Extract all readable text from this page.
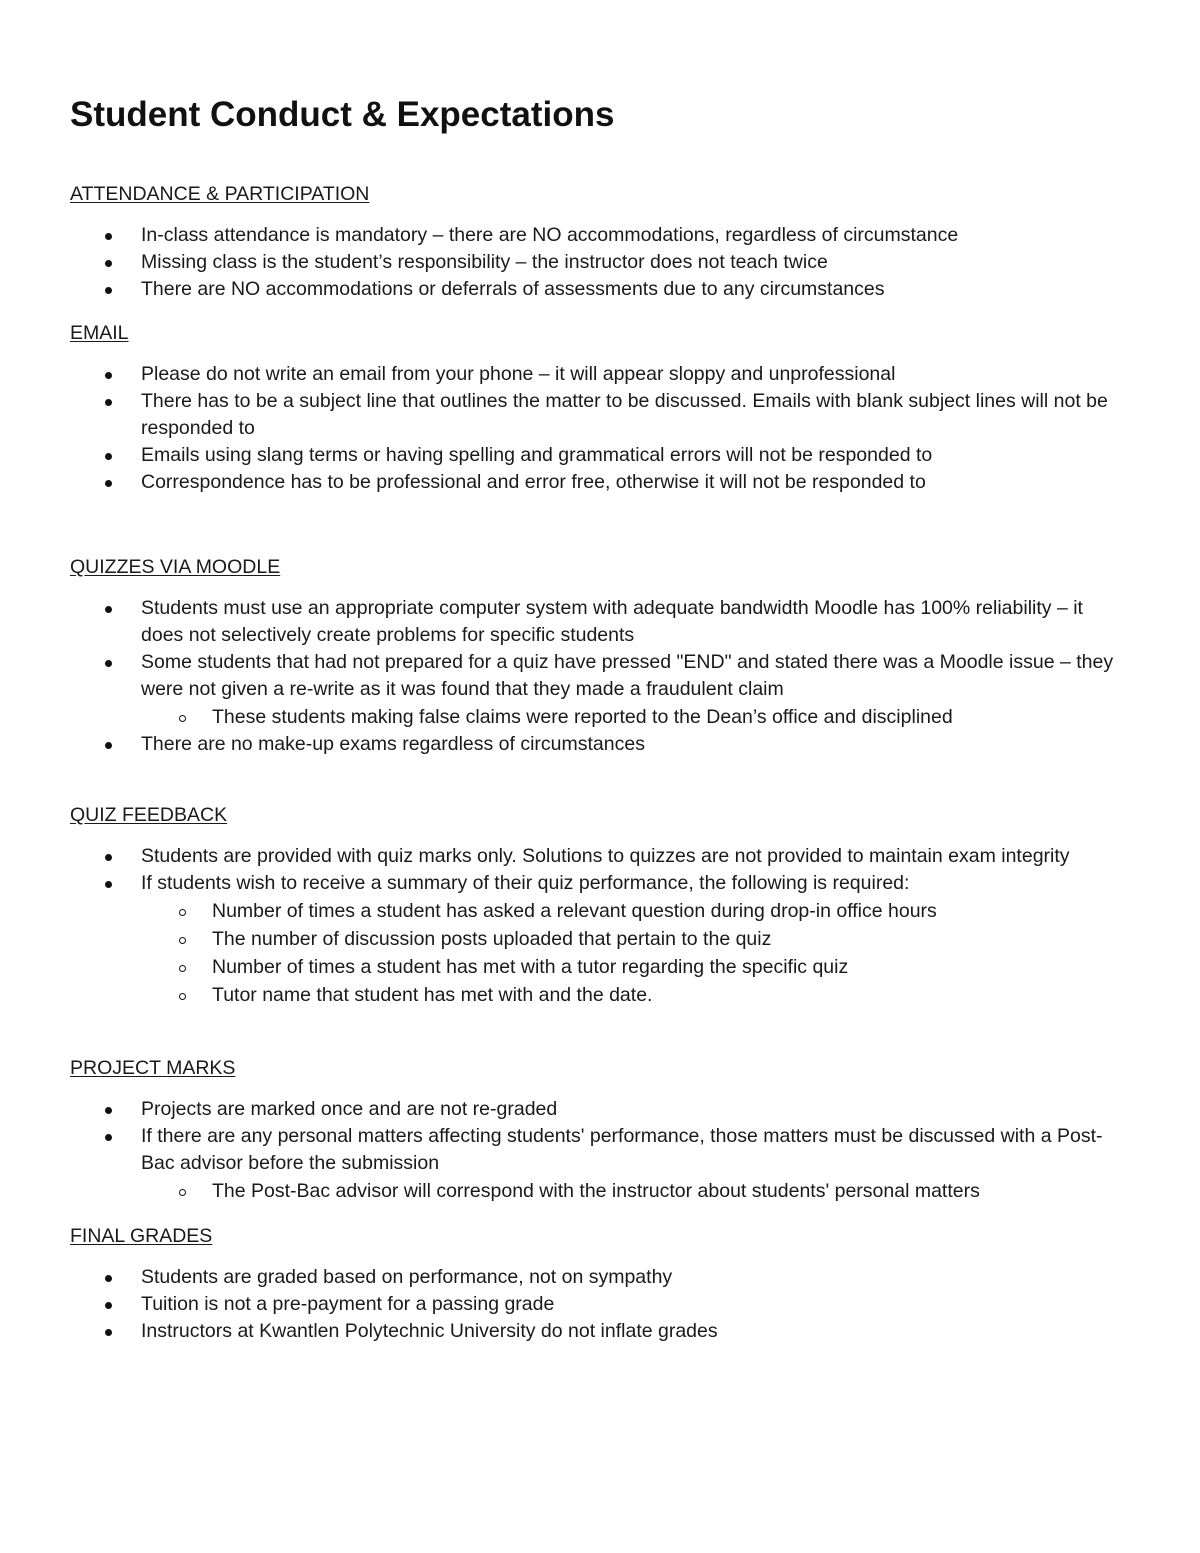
Student Conduct & Expectations
ATTENDANCE & PARTICIPATION
In-class attendance is mandatory – there are NO accommodations, regardless of circumstance
Missing class is the student’s responsibility – the instructor does not teach twice
There are NO accommodations or deferrals of assessments due to any circumstances
EMAIL
Please do not write an email from your phone – it will appear sloppy and unprofessional
There has to be a subject line that outlines the matter to be discussed. Emails with blank subject lines will not be responded to
Emails using slang terms or having spelling and grammatical errors will not be responded to
Correspondence has to be professional and error free, otherwise it will not be responded to
QUIZZES VIA MOODLE
Students must use an appropriate computer system with adequate bandwidth Moodle has 100% reliability – it does not selectively create problems for specific students
Some students that had not prepared for a quiz have pressed "END" and stated there was a Moodle issue – they were not given a re-write as it was found that they made a fraudulent claim
These students making false claims were reported to the Dean’s office and disciplined
There are no make-up exams regardless of circumstances
QUIZ FEEDBACK
Students are provided with quiz marks only. Solutions to quizzes are not provided to maintain exam integrity
If students wish to receive a summary of their quiz performance, the following is required:
Number of times a student has asked a relevant question during drop-in office hours
The number of discussion posts uploaded that pertain to the quiz
Number of times a student has met with a tutor regarding the specific quiz
Tutor name that student has met with and the date.
PROJECT MARKS
Projects are marked once and are not re-graded
If there are any personal matters affecting students' performance, those matters must be discussed with a Post-Bac advisor before the submission
The Post-Bac advisor will correspond with the instructor about students' personal matters
FINAL GRADES
Students are graded based on performance, not on sympathy
Tuition is not a pre-payment for a passing grade
Instructors at Kwantlen Polytechnic University do not inflate grades
